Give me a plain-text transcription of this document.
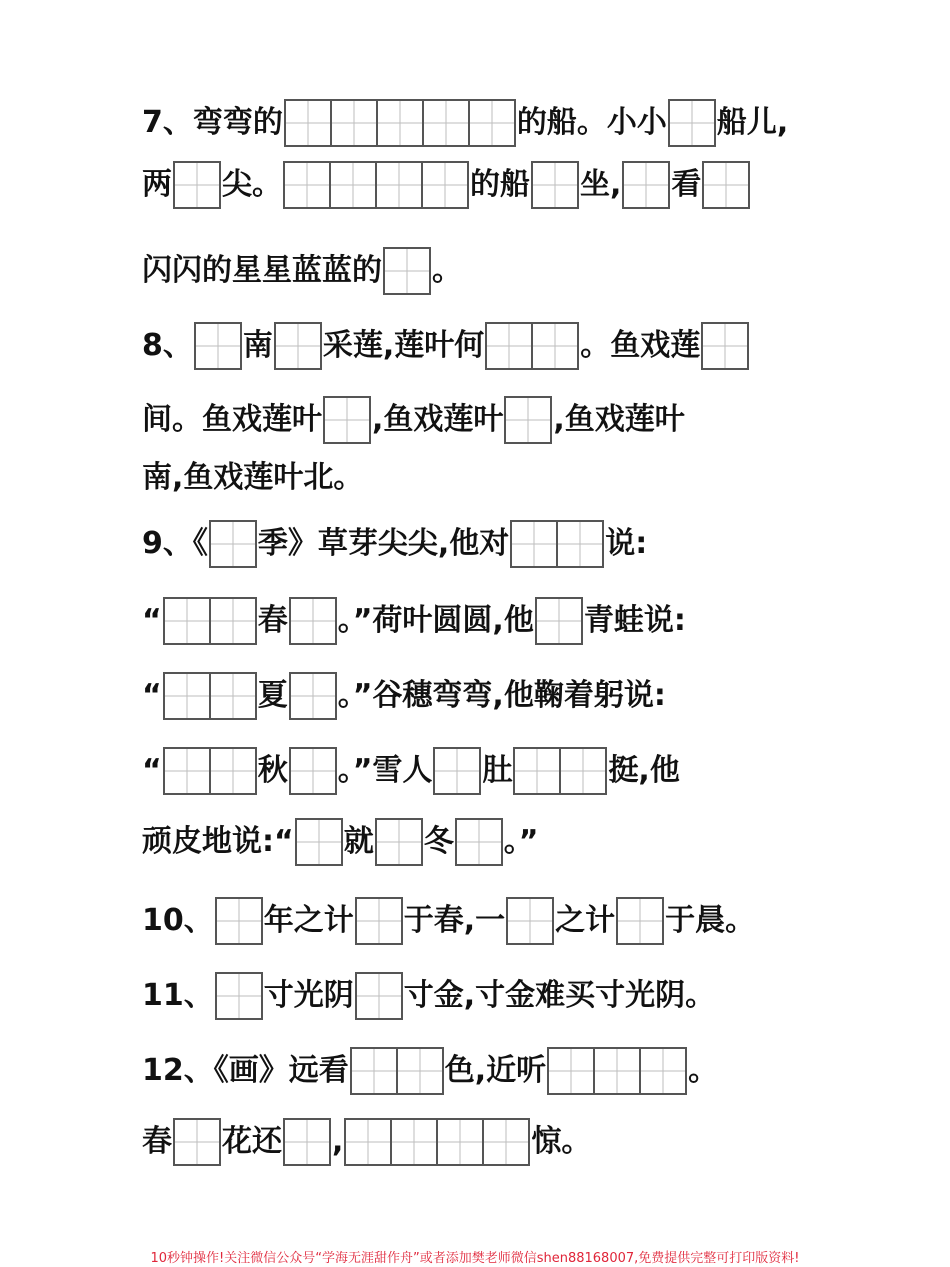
7、弯弯的	的船。小小 船儿,
两 尖。	的船 坐, 看
闪闪的星星蓝蓝的 。
8、 南 采莲,莲叶何	。鱼戏莲
间。鱼戏莲叶 ,鱼戏莲叶 ,鱼戏莲叶
南,鱼戏莲叶北。
9、《 季》草芽尖尖,他对	说:
“	春 。”荷叶圆圆,他 青蛙说:
“	夏 。”谷穗弯弯,他鞠着躬说:
“	秋 。”雪人 肚	挺,他
顽皮地说:“ 就 冬 。”
10、 年之计 于春,一 之计 于晨。
11、 寸光阴 寸金,寸金难买寸光阴。
12、《画》远看	色,近听	。
春 花还 ,	惊。
10秒钟操作!关注微信公众号“学海无涯甜作舟”或者添加樊老师微信shen88168007,免费提供完整可打印版资料!
